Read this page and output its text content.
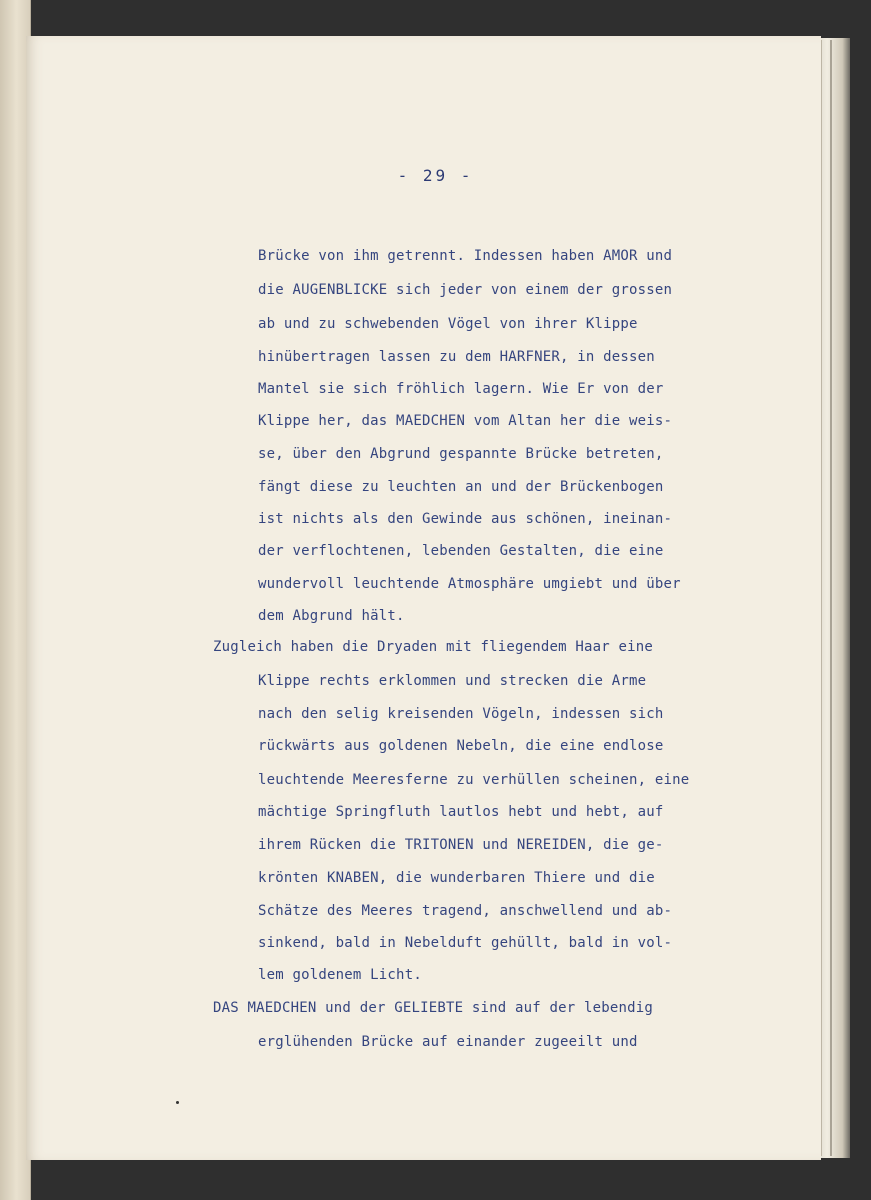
- 29 -
Brücke von ihm getrennt. Indessen haben AMOR und
die AUGENBLICKE sich jeder von einem der grossen
ab und zu schwebenden Vögel von ihrer Klippe
hinübertragen lassen zu dem HARFNER, in dessen
Mantel sie sich fröhlich lagern. Wie Er von der
Klippe her, das MAEDCHEN vom Altan her die weis-
se, über den Abgrund gespannte Brücke betreten,
fängt diese zu leuchten an und der Brückenbogen
ist nichts als den Gewinde aus schönen, ineinan-
der verflochtenen, lebenden Gestalten, die eine
wundervoll leuchtende Atmosphäre umgiebt und über
dem Abgrund hält.
Zugleich haben die Dryaden mit fliegendem Haar eine
Klippe rechts erklommen und strecken die Arme
nach den selig kreisenden Vögeln, indessen sich
rückwärts aus goldenen Nebeln, die eine endlose
leuchtende Meeresferne zu verhüllen scheinen, eine
mächtige Springfluth lautlos hebt und hebt, auf
ihrem Rücken die TRITONEN und NEREIDEN, die ge-
krönten KNABEN, die wunderbaren Thiere und die
Schätze des Meeres tragend, anschwellend und ab-
sinkend, bald in Nebelduft gehüllt, bald in vol-
lem goldenem Licht.
DAS MAEDCHEN und der GELIEBTE sind auf der lebendig
erglühenden Brücke auf einander zugeeilt und
